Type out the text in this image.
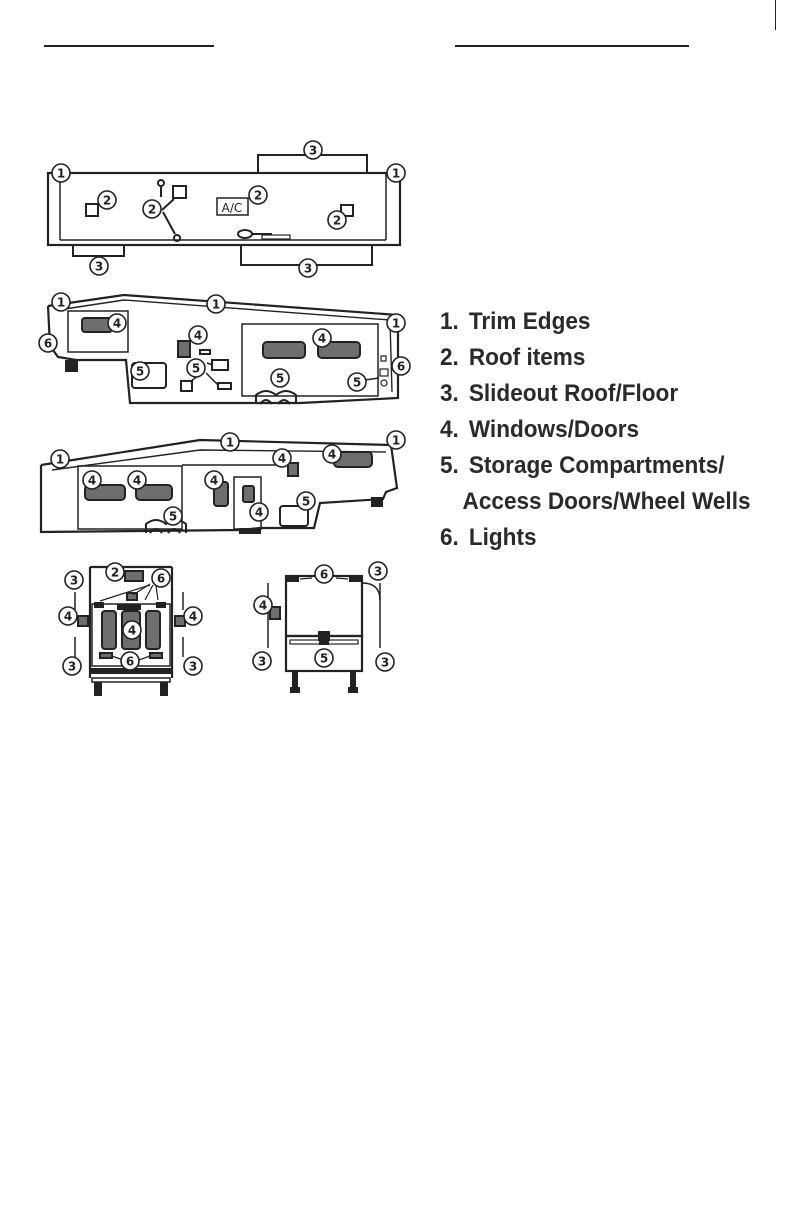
1	1
3
2
2
2
2
3	3
1	1
1
6
4
4	4
5	5
5	5
6
1
1	1
4	4	4
4	4
5
4
5
3
2	6
4	4
4
3	6	3
6	3
4
3	5	3
A/C
1. Trim Edges
2. Roof items
3. Slideout Roof/Floor
4. Windows/Doors
5. Storage Compartments/
Access Doors/Wheel Wells
6. Lights
